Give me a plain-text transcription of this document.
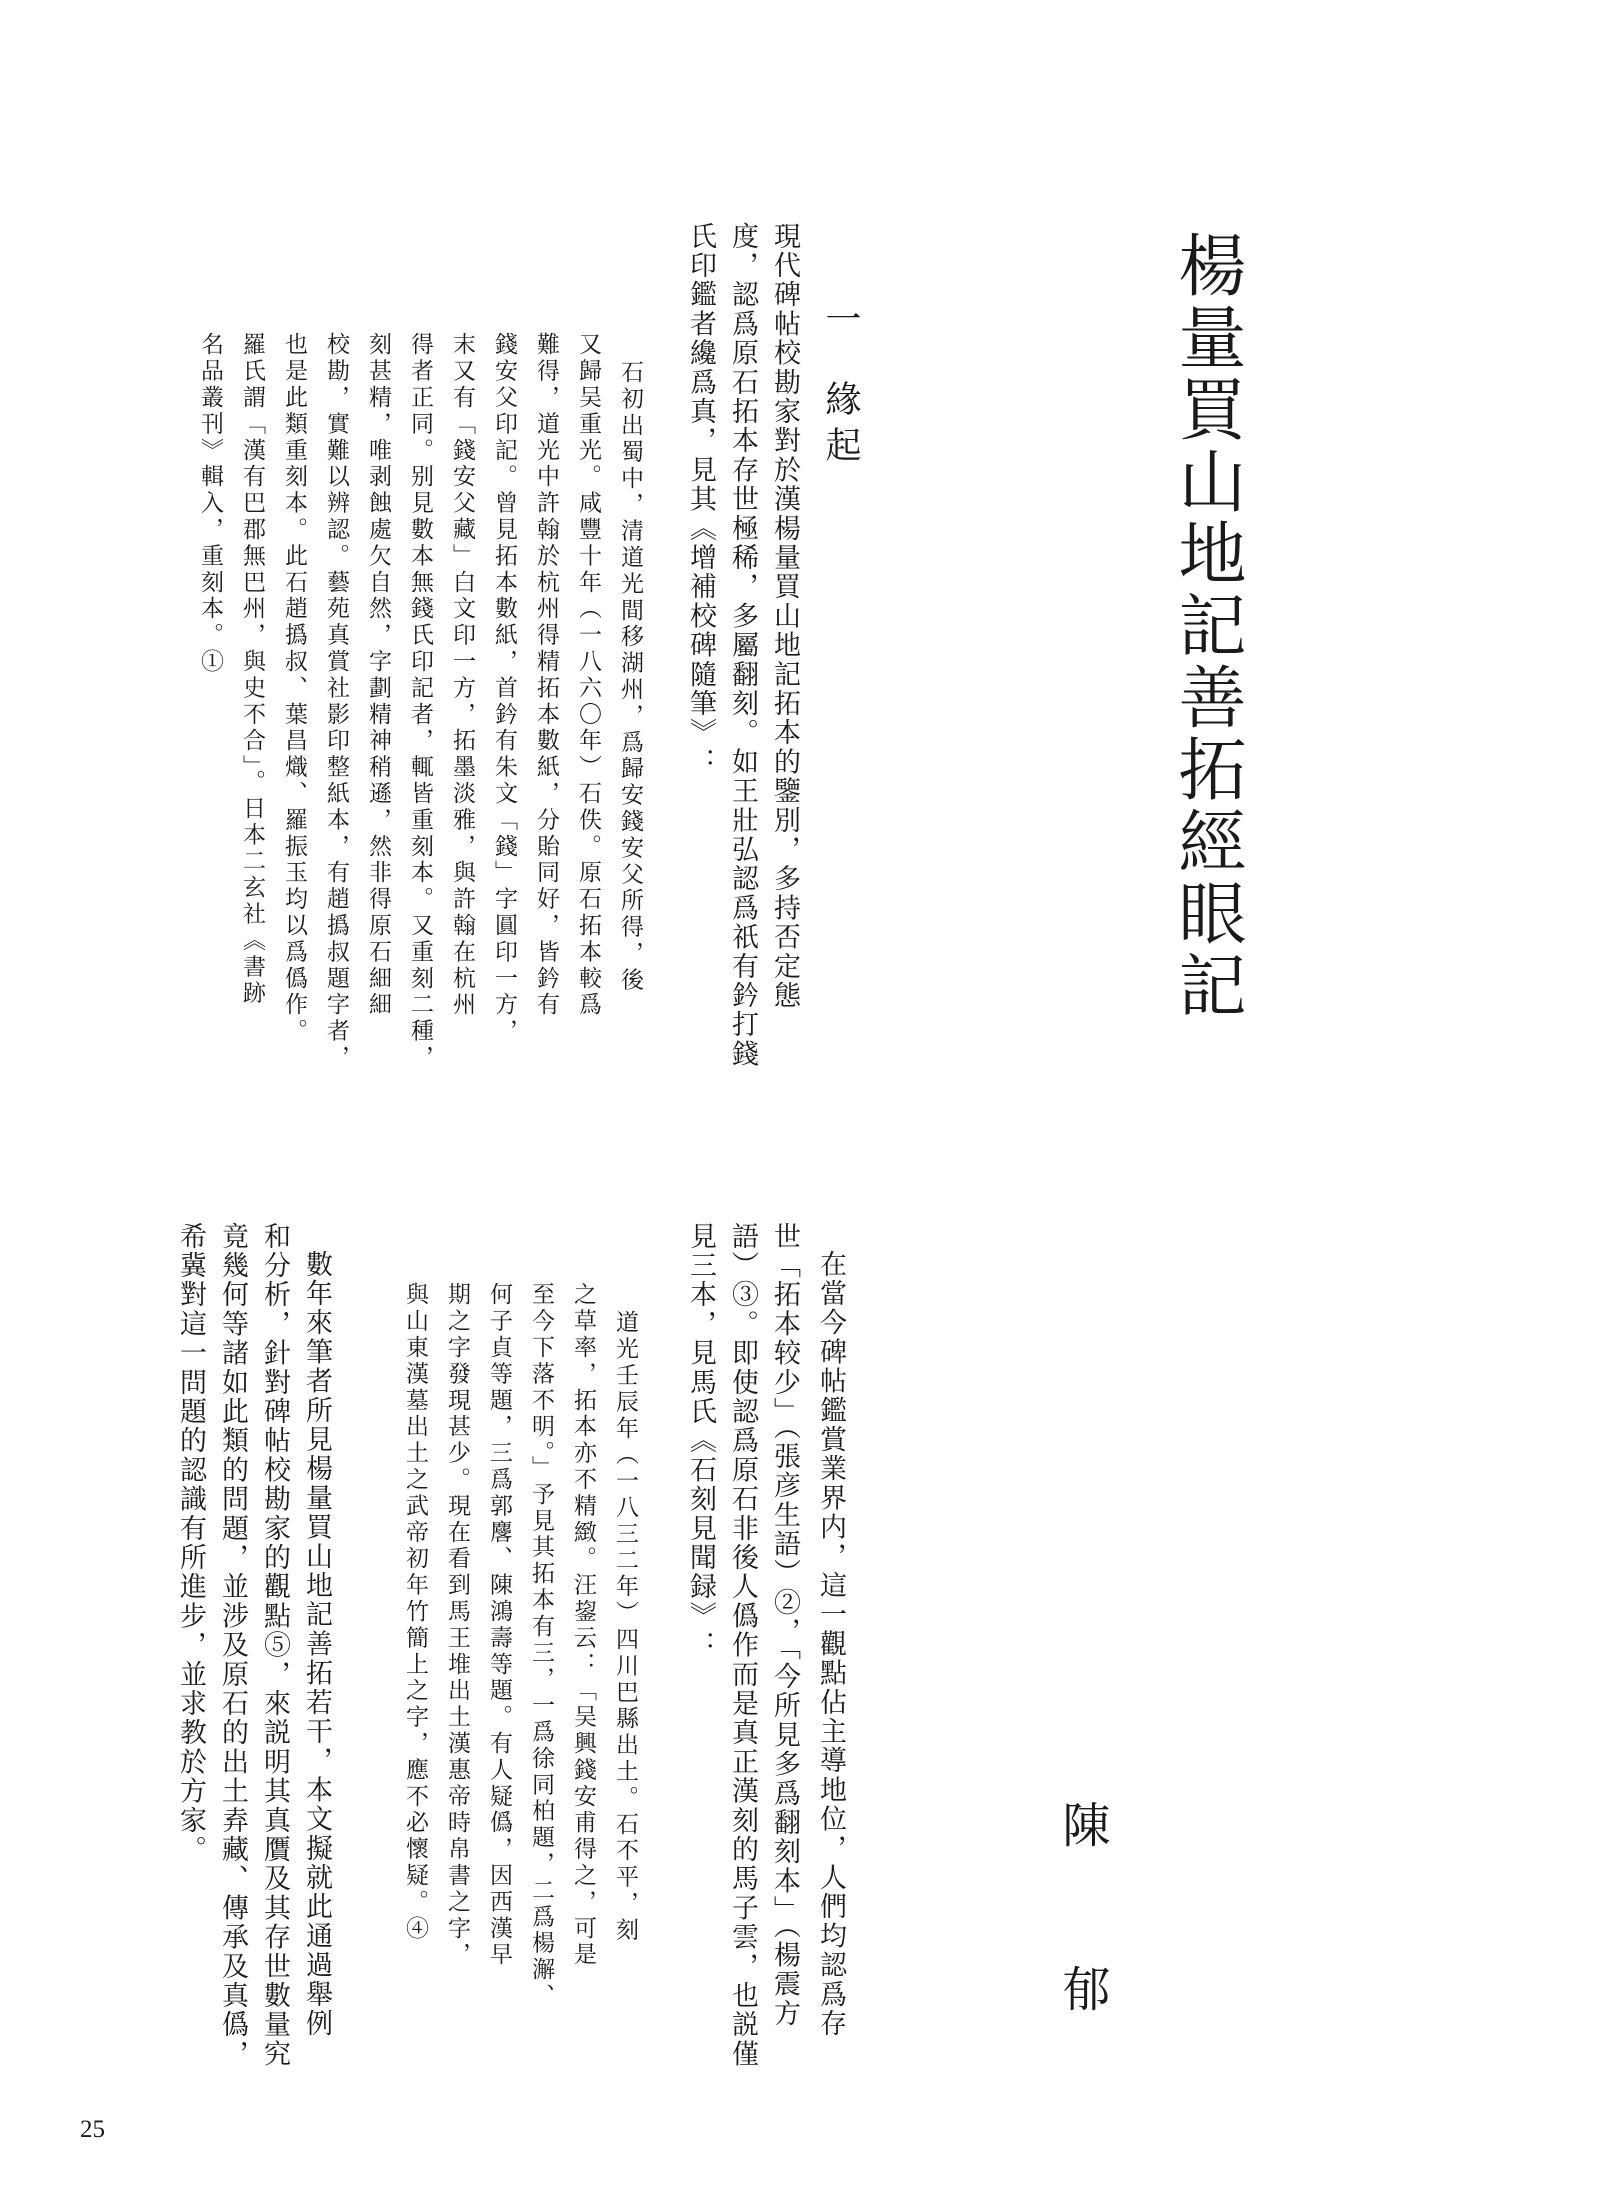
楊量買山地記善拓經眼記
陳　郁
一緣起
現代碑帖校勘家對於漢楊量買山地記拓本的鑒別，多持否定態
度，認爲原石拓本存世極稀，多屬翻刻。如王壯弘認爲祇有鈐打錢
氏印鑑者纔爲真，見其《增補校碑隨筆》：
石初出蜀中，清道光間移湖州，爲歸安錢安父所得，後
又歸吴重光。咸豐十年（一八六〇年）石佚。原石拓本較爲
難得，道光中許翰於杭州得精拓本數紙，分貽同好，皆鈐有
錢安父印記。曾見拓本數紙，首鈐有朱文「錢」字圓印一方，
末又有「錢安父藏」白文印一方，拓墨淡雅，與許翰在杭州
得者正同。别見數本無錢氏印記者，輒皆重刻本。又重刻二種，
刻甚精，唯剥蝕處欠自然，字劃精神稍遜，然非得原石細細
校勘，實難以辨認。藝苑真賞社影印整紙本，有趙撝叔題字者，
也是此類重刻本。此石趙撝叔、葉昌熾、羅振玉均以爲僞作。
羅氏謂「漢有巴郡無巴州，與史不合」。日本二玄社《書跡
名品叢刊》輯入，重刻本。①
在當今碑帖鑑賞業界内，這一觀點佔主導地位，人們均認爲存
世「拓本较少」（張彦生語）②，「今所見多爲翻刻本」（楊震方
語）③。即使認爲原石非後人僞作而是真正漢刻的馬子雲，也説僅
見三本，見馬氏《石刻見聞録》：
道光壬辰年（一八三二年）四川巴縣出土。石不平，刻
之草率，拓本亦不精緻。汪鋆云：「吴興錢安甫得之，可是
至今下落不明。」予見其拓本有三，一爲徐同柏題，二爲楊澥、
何子貞等題，三爲郭麐、陳鴻壽等題。有人疑僞，因西漢早
期之字發現甚少。現在看到馬王堆出土漢惠帝時帛書之字，
與山東漢墓出土之武帝初年竹簡上之字，應不必懷疑。④
數年來筆者所見楊量買山地記善拓若干，本文擬就此通過舉例
和分析，針對碑帖校勘家的觀點⑤，來説明其真贋及其存世數量究
竟幾何等諸如此類的問題，並涉及原石的出土弆藏、傳承及真僞，
希冀對這一問題的認識有所進步，並求教於方家。
25
